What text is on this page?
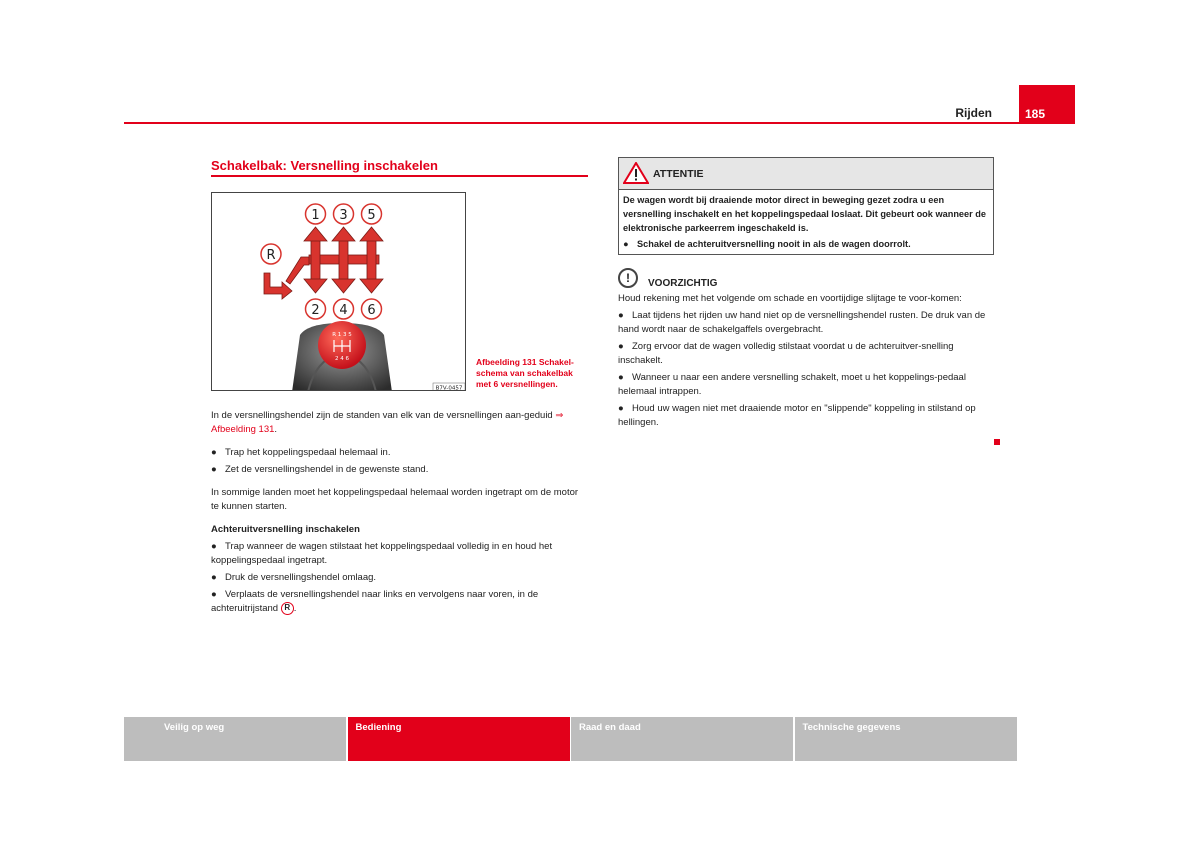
Rijden	185
Schakelbak: Versnelling inschakelen
R 1 3 5
2 4 6
1 3 5
2 4 6
R
B7V-0457
Afbeelding 131 Schakel-
schema van schakelbak
met 6 versnellingen.

In de versnellingshendel zijn de standen van elk van de versnellingen aan-geduid ⇒ Afbeelding 131.

● Trap het koppelingspedaal helemaal in.
● Zet de versnellingshendel in de gewenste stand.

In sommige landen moet het koppelingspedaal helemaal worden ingetrapt om de motor te kunnen starten.

Achteruitversnelling inschakelen

● Trap wanneer de wagen stilstaat het koppelingspedaal volledig in en houd het koppelingspedaal ingetrapt.
● Druk de versnellingshendel omlaag.
● Verplaats de versnellingshendel naar links en vervolgens naar voren, in de achteruitrijstand R .
ATTENTIE
De wagen wordt bij draaiende motor direct in beweging gezet zodra u een versnelling inschakelt en het koppelingspedaal loslaat. Dit gebeurt ook wanneer de elektronische parkeerrem ingeschakeld is.
● Schakel de achteruitversnelling nooit in als de wagen doorrolt.
!	VOORZICHTIG

Houd rekening met het volgende om schade en voortijdige slijtage te voor-komen:

● Laat tijdens het rijden uw hand niet op de versnellingshendel rusten. De druk van de hand wordt naar de schakelgaffels overgebracht.

● Zorg ervoor dat de wagen volledig stilstaat voordat u de achteruitver-snelling inschakelt.

● Wanneer u naar een andere versnelling schakelt, moet u het koppelings-pedaal helemaal intrappen.

● Houd uw wagen niet met draaiende motor en "slippende" koppeling in stilstand op hellingen.

Veilig op weg	Bediening	Raad en daad	Technische gegevens
